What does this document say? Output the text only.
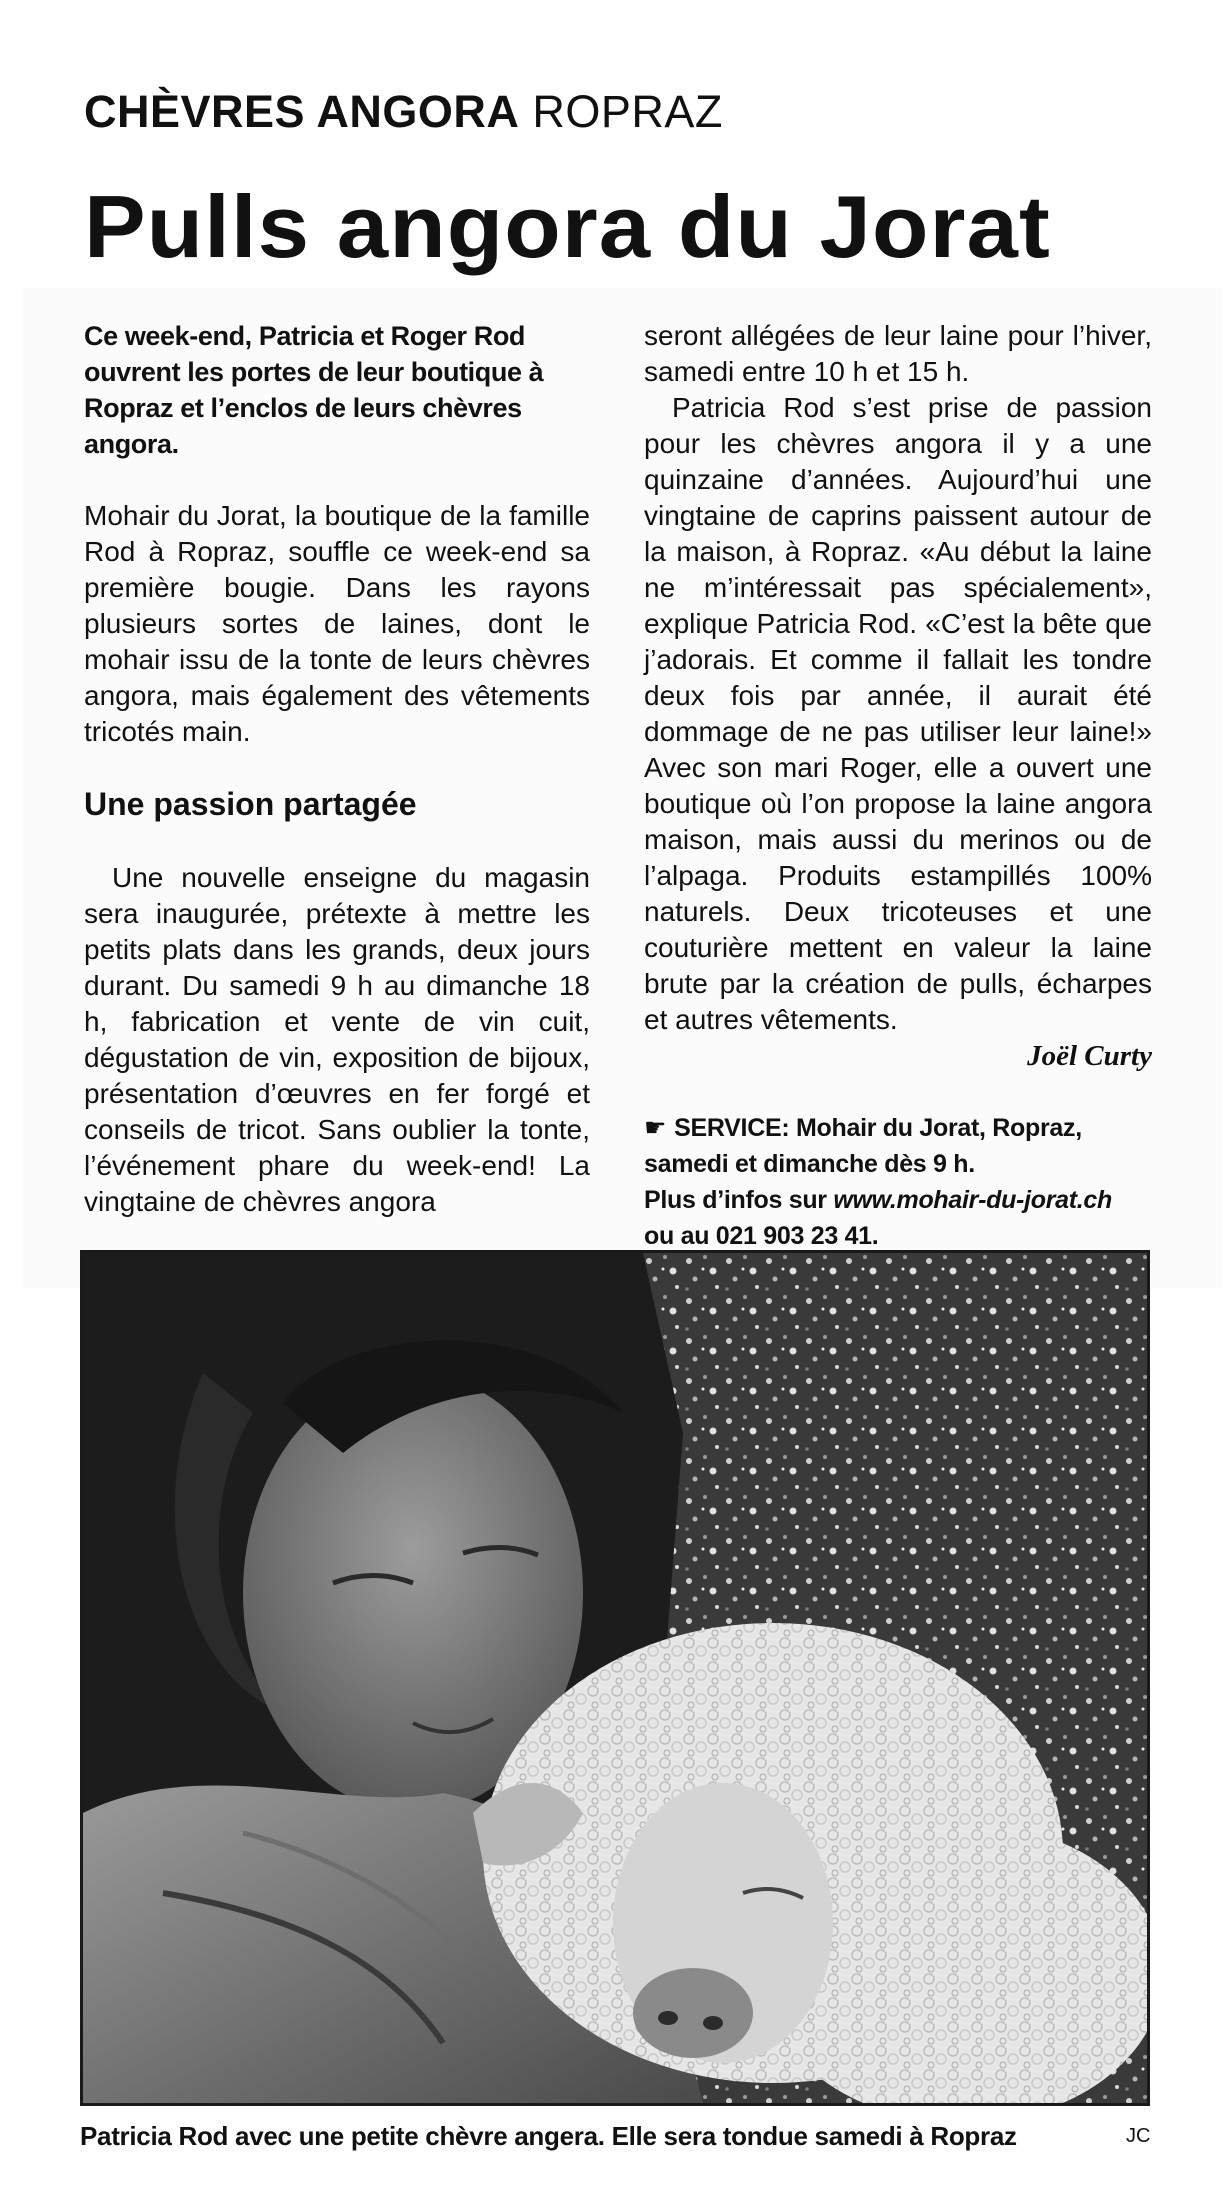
CHÈVRES ANGORA ROPRAZ
Pulls angora du Jorat

Ce week-end, Patricia et Roger Rod ouvrent les portes de leur boutique à Ropraz et l’enclos de leurs chèvres angora.

Mohair du Jorat, la boutique de la famille Rod à Ropraz, souffle ce week-end sa première bougie. Dans les rayons plusieurs sortes de laines, dont le mohair issu de la tonte de leurs chèvres angora, mais également des vêtements tricotés main.

Une passion partagée

Une nouvelle enseigne du magasin sera inaugurée, prétexte à mettre les petits plats dans les grands, deux jours durant. Du samedi 9 h au dimanche 18 h, fabrication et vente de vin cuit, dégustation de vin, exposition de bijoux, présentation d’œuvres en fer forgé et conseils de tricot. Sans oublier la tonte, l’événement phare du week-end! La vingtaine de chèvres angora

seront allégées de leur laine pour l’hiver, samedi entre 10 h et 15 h.

Patricia Rod s’est prise de passion pour les chèvres angora il y a une quinzaine d’années. Aujourd’hui une vingtaine de caprins paissent autour de la maison, à Ropraz. «Au début la laine ne m’intéressait pas spécialement», explique Patricia Rod. «C’est la bête que j’adorais. Et comme il fallait les tondre deux fois par année, il aurait été dommage de ne pas utiliser leur laine!» Avec son mari Roger, elle a ouvert une boutique où l’on propose la laine angora maison, mais aussi du merinos ou de l’alpaga. Produits estampillés 100% naturels. Deux tricoteuses et une couturière mettent en valeur la laine brute par la création de pulls, écharpes et autres vêtements.

Joël Curty
☛ SERVICE: Mohair du Jorat, Ropraz,
samedi et dimanche dès 9 h.
Plus d’infos sur www.mohair-du-jorat.ch
ou au 021 903 23 41.
Patricia Rod avec une petite chèvre angera. Elle sera tondue samedi à Ropraz	JC
